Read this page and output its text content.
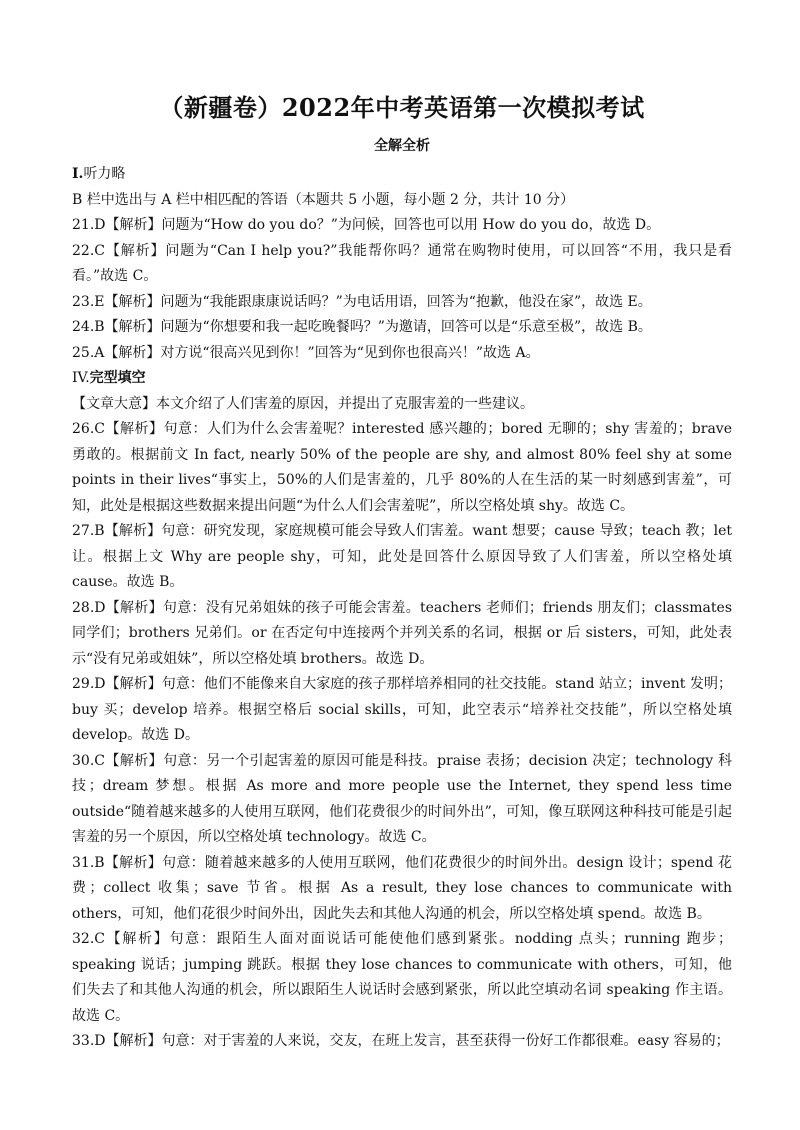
（新疆卷）2022年中考英语第一次模拟考试
全解全析
I.听力略

B 栏中选出与 A 栏中相匹配的答语（本题共 5 小题，每小题 2 分，共计 10 分）

21.D【解析】问题为“How do you do？”为问候，回答也可以用 How do you do，故选 D。

22.C【解析】问题为“Can I help you?”我能帮你吗？通常在购物时使用，可以回答“不用，我只是看看。”故选 C。

23.E【解析】问题为“我能跟康康说话吗？”为电话用语，回答为“抱歉，他没在家”，故选 E。

24.B【解析】问题为“你想要和我一起吃晚餐吗？”为邀请，回答可以是“乐意至极”，故选 B。

25.A【解析】对方说“很高兴见到你！”回答为“见到你也很高兴！”故选 A。

IV.完型填空

【文章大意】本文介绍了人们害羞的原因，并提出了克服害羞的一些建议。

26.C【解析】句意：人们为什么会害羞呢？interested 感兴趣的；bored 无聊的；shy 害羞的；brave 勇敢的。根据前文 In fact, nearly 50% of the people are shy, and almost 80% feel shy at some points in their lives“事实上，50%的人们是害羞的，几乎 80%的人在生活的某一时刻感到害羞”，可知，此处是根据这些数据来提出问题“为什么人们会害羞呢”，所以空格处填 shy。故选 C。

27.B【解析】句意：研究发现，家庭规模可能会导致人们害羞。want 想要；cause 导致；teach 教；let 让。根据上文 Why are people shy，可知，此处是回答什么原因导致了人们害羞，所以空格处填 cause。故选 B。

28.D【解析】句意：没有兄弟姐妹的孩子可能会害羞。teachers 老师们；friends 朋友们；classmates 同学们；brothers 兄弟们。or 在否定句中连接两个并列关系的名词，根据 or 后 sisters，可知，此处表示“没有兄弟或姐妹”，所以空格处填 brothers。故选 D。

29.D【解析】句意：他们不能像来自大家庭的孩子那样培养相同的社交技能。stand 站立；invent 发明；buy 买；develop 培养。根据空格后 social skills，可知，此空表示“培养社交技能”，所以空格处填 develop。故选 D。

30.C【解析】句意：另一个引起害羞的原因可能是科技。praise 表扬；decision 决定；technology 科技；dream 梦想。根据 As more and more people use the Internet, they spend less time outside“随着越来越多的人使用互联网，他们花费很少的时间外出”，可知，像互联网这种科技可能是引起害羞的另一个原因，所以空格处填 technology。故选 C。

31.B【解析】句意：随着越来越多的人使用互联网，他们花费很少的时间外出。design 设计；spend 花费；collect 收集；save 节省。根据 As a result, they lose chances to communicate with others，可知，他们花很少时间外出，因此失去和其他人沟通的机会，所以空格处填 spend。故选 B。

32.C【解析】句意：跟陌生人面对面说话可能使他们感到紧张。nodding 点头；running 跑步；speaking 说话；jumping 跳跃。根据 they lose chances to communicate with others，可知，他们失去了和其他人沟通的机会，所以跟陌生人说话时会感到紧张，所以此空填动名词 speaking 作主语。故选 C。

33.D【解析】句意：对于害羞的人来说，交友，在班上发言，甚至获得一份好工作都很难。easy 容易的；
